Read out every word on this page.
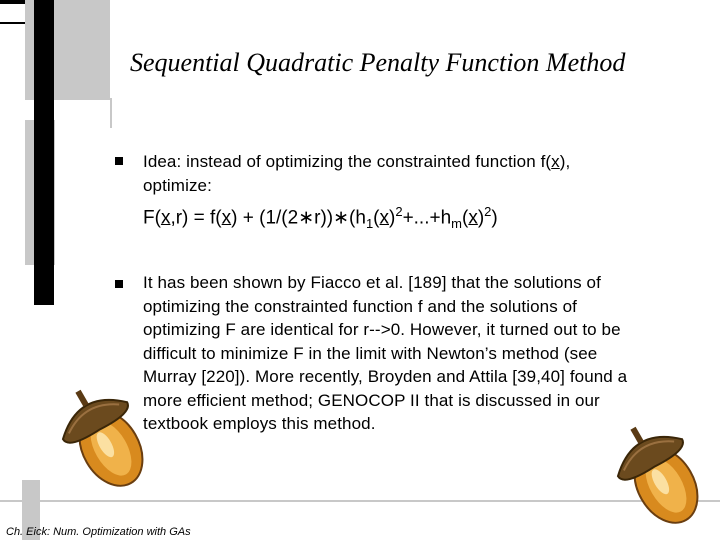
Sequential Quadratic Penalty Function Method
Idea: instead of optimizing the constrainted function f(x),
optimize:
$F(x,r) = f(x) + (1/(2∗r))∗(h_1(x)^2+...+h_m(x)^2)$
It has been shown by Fiacco et al. [189] that the solutions of
optimizing the constrainted function f and the solutions of
optimizing F are identical for r-->0. However, it turned out to be
difficult to minimize F in the limit with Newton’s method (see
Murray [220]). More recently, Broyden and Attila [39,40] found a
more efficient method; GENOCOP II that is discussed in our
textbook employs this method.
Ch. Eick: Num. Optimization with GAs
